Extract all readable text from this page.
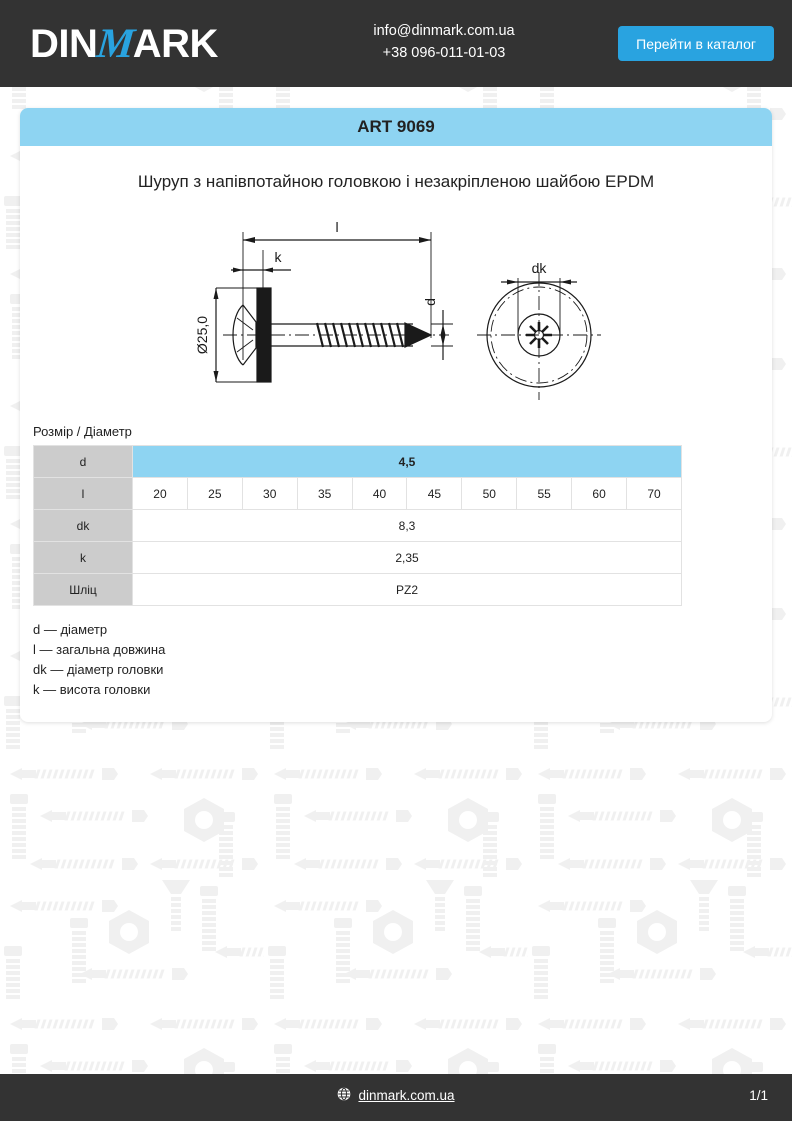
DIN
M
ARK	info@dinmark.com.ua
+38 096-011-01-03
Перейти в каталог
ART 9069
Шуруп з напівпотайною головкою і незакріпленою шайбою EPDM
l
k
Ø25,0
d
dk
Розмір / Діаметр
d	4,5									
l	20	25	30	35	40	45	50	55	60	70
dk	8,3									
k	2,35									
Шліц	PZ2									
d — діаметр
l — загальна довжина
dk — діаметр головки
k — висота головки
dinmark.com.ua	1/1
